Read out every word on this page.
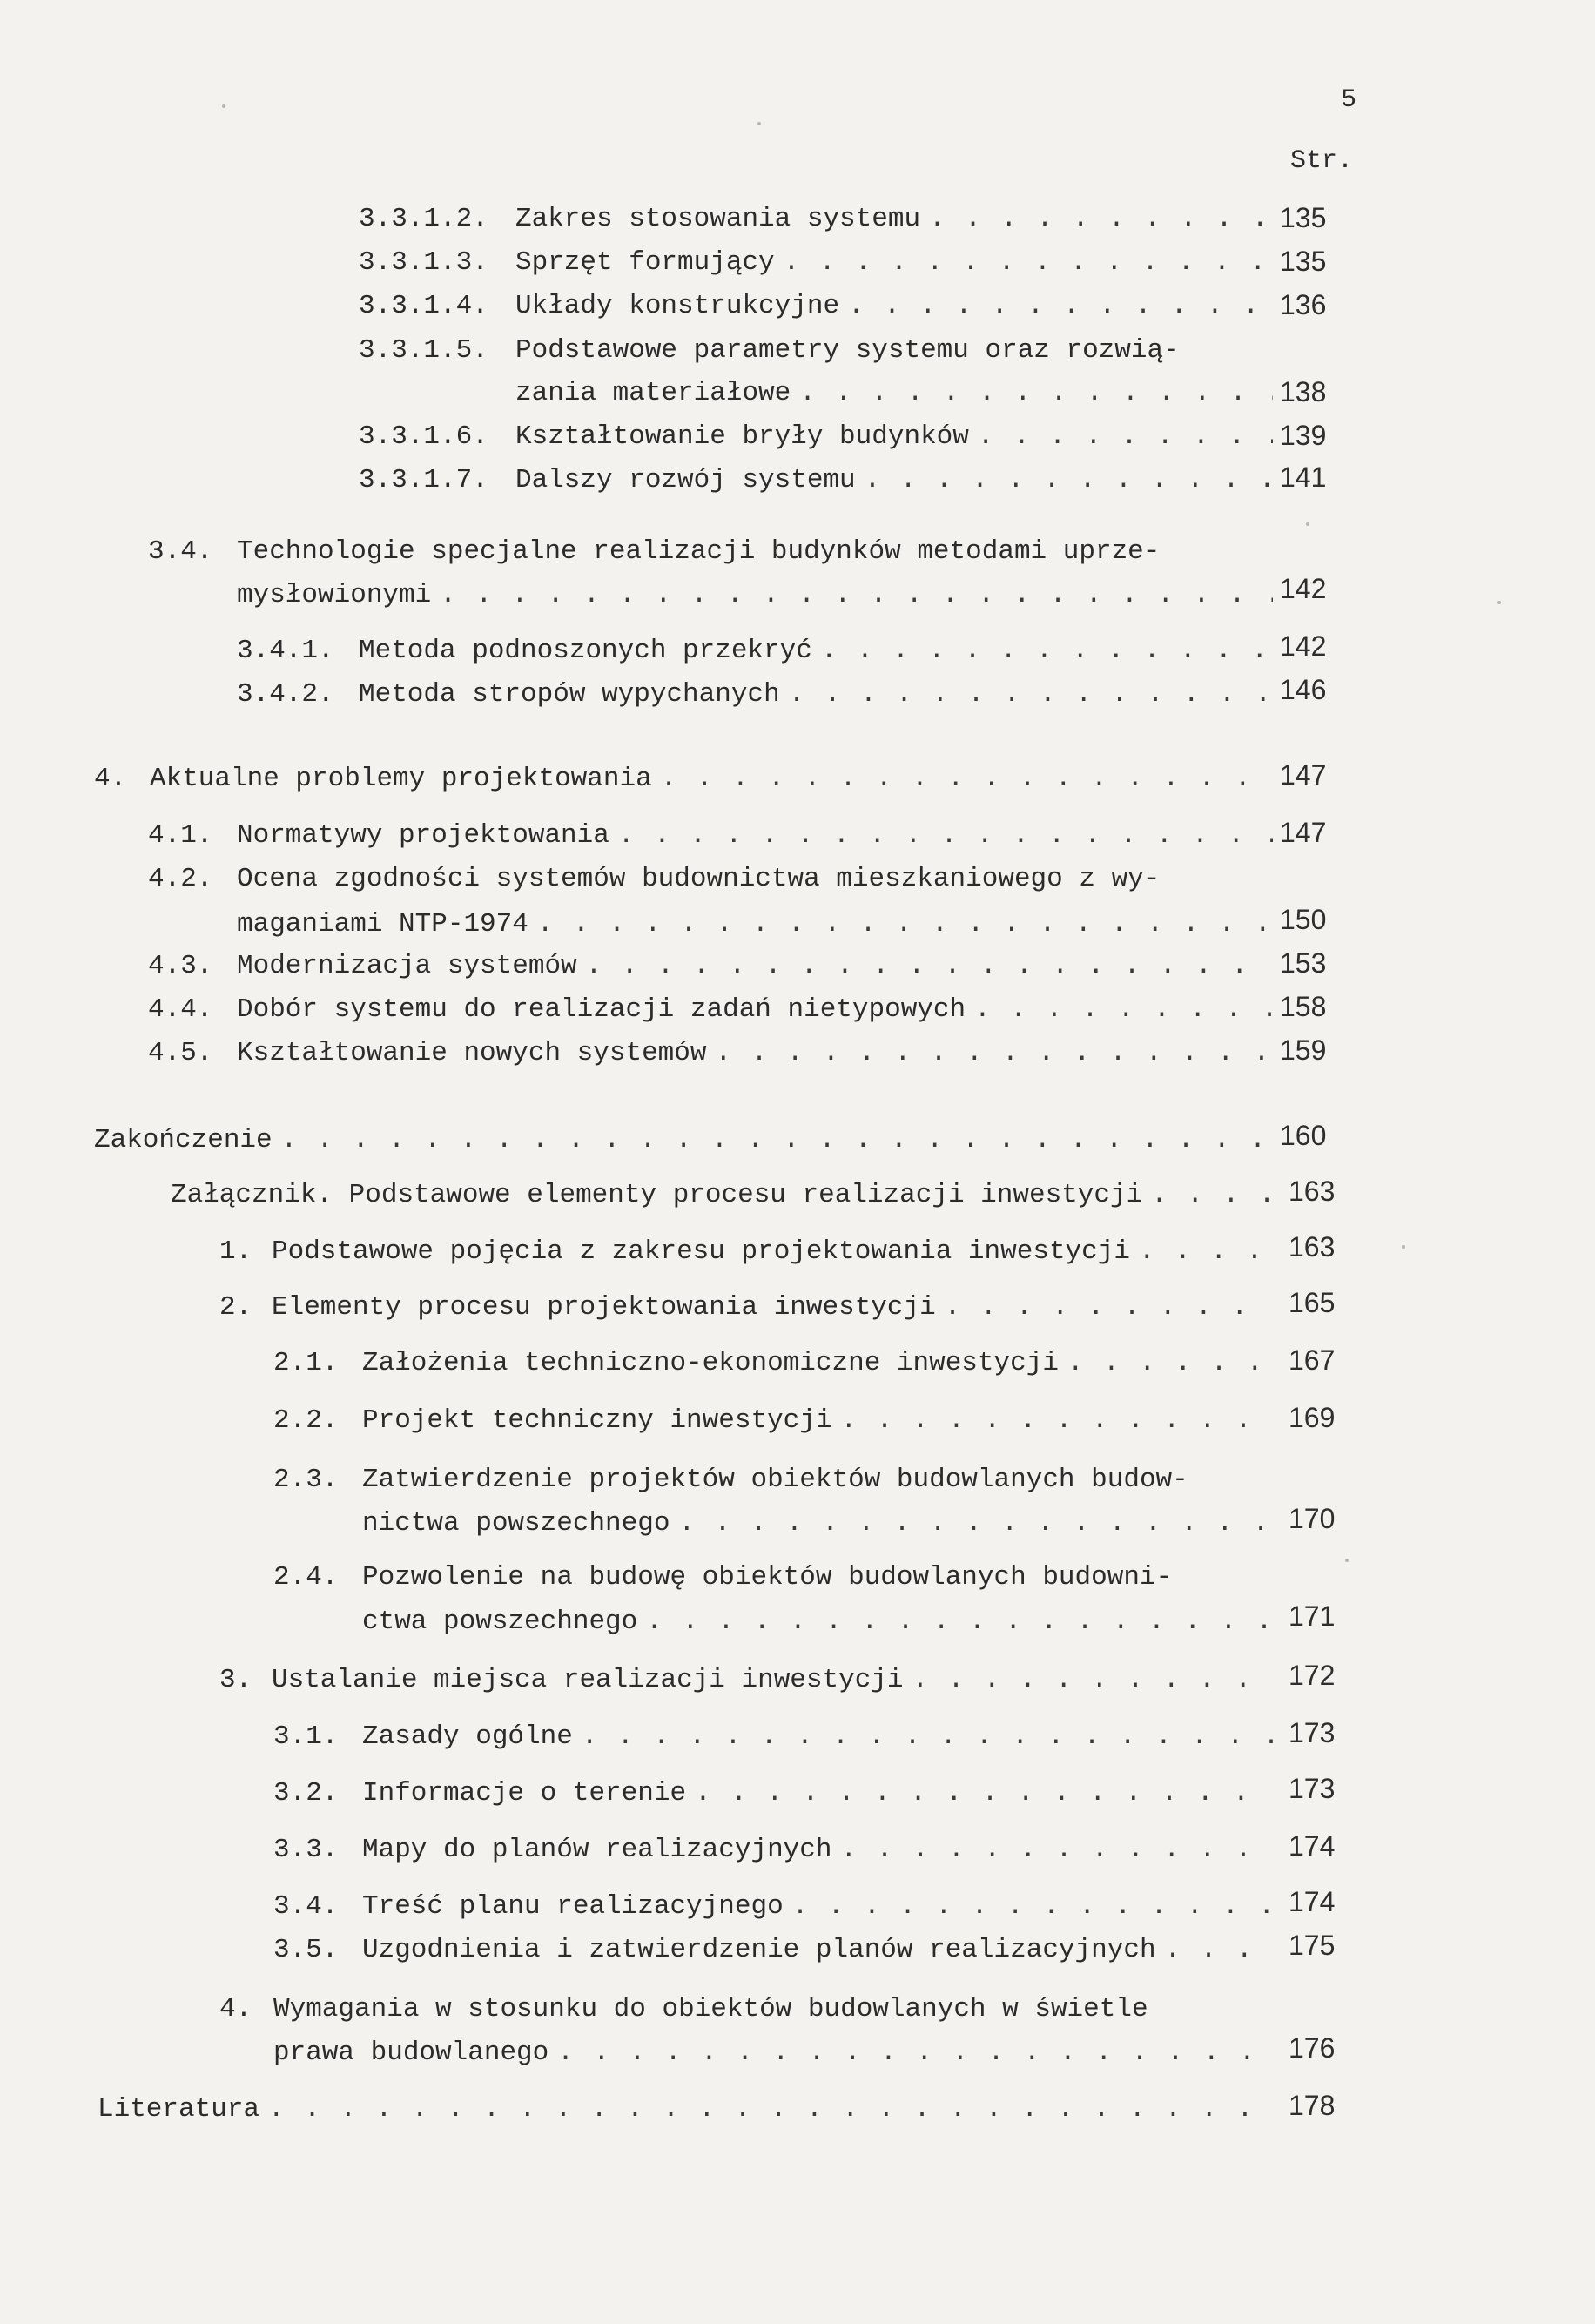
5
Str.
3.3.1.2.	Zakres stosowania systemu . . .	135
3.3.1.3.	Sprzęt formujący . . .	135
3.3.1.4.	Układy konstrukcyjne . . .	136
3.3.1.5.	Podstawowe parametry systemu oraz rozwią-
zania materiałowe . . .	138
3.3.1.6.	Kształtowanie bryły budynków . . .	139
3.3.1.7.	Dalszy rozwój systemu . . .	141
3.4. Technologie specjalne realizacji budynków metodami uprze-
mysłowionymi . . .	142
3.4.1. Metoda podnoszonych przekryć . . .	142
3.4.2. Metoda stropów wypychanych . . .	146
4. Aktualne problemy projektowania . . .	147
4.1. Normatywy projektowania . . .	147
4.2. Ocena zgodności systemów budownictwa mieszkaniowego z wy-
maganiami NTP-1974 . . .	150
4.3. Modernizacja systemów . . .	153
4.4. Dobór systemu do realizacji zadań nietypowych . . .	158
4.5. Kształtowanie nowych systemów . . .	159
Zakończenie . . .	160
Załącznik. Podstawowe elementy procesu realizacji inwestycji . . .	163
1. Podstawowe pojęcia z zakresu projektowania inwestycji . . .	163
2. Elementy procesu projektowania inwestycji . . .	165
2.1. Założenia techniczno-ekonomiczne inwestycji . . .	167
2.2. Projekt techniczny inwestycji . . .	169
2.3. Zatwierdzenie projektów obiektów budowlanych budow-
nictwa powszechnego . . .	170
2.4. Pozwolenie na budowę obiektów budowlanych budowni-
ctwa powszechnego . . .	171
3. Ustalanie miejsca realizacji inwestycji . . .	172
3.1. Zasady ogólne . . .	173
3.2. Informacje o terenie . . .	173
3.3. Mapy do planów realizacyjnych . . .	174
3.4. Treść planu realizacyjnego . . .	174
3.5. Uzgodnienia i zatwierdzenie planów realizacyjnych . . .	175
4. Wymagania w stosunku do obiektów budowlanych w świetle
prawa budowlanego . . .	176
Literatura . . .	178
